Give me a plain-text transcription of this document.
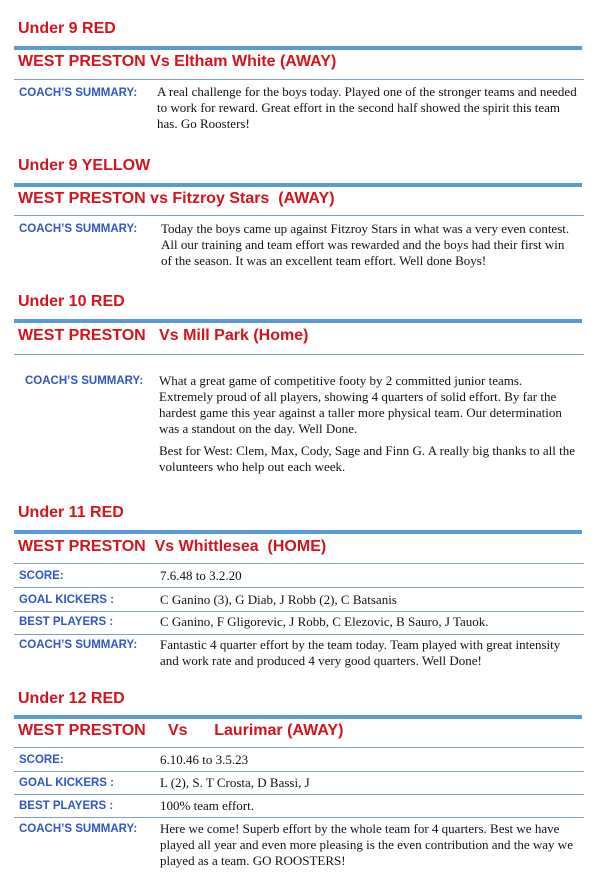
Under 9 RED
WEST PRESTON Vs Eltham White (AWAY)
COACH’S SUMMARY: A real challenge for the boys today. Played one of the stronger teams and needed to work for reward. Great effort in the second half showed the spirit this team has. Go Roosters!
Under 9 YELLOW
WEST PRESTON vs Fitzroy Stars  (AWAY)
COACH’S SUMMARY: Today the boys came up against Fitzroy Stars in what was a very even contest. All our training and team effort was rewarded and the boys had their first win of the season. It was an excellent team effort. Well done Boys!
Under 10 RED
WEST PRESTON   Vs Mill Park (Home)
COACH’S SUMMARY: What a great game of competitive footy by 2 committed junior teams. Extremely proud of all players, showing 4 quarters of solid effort. By far the hardest game this year against a taller more physical team. Our determination was a standout on the day. Well Done.

Best for West: Clem, Max, Cody, Sage and Finn G. A really big thanks to all the volunteers who help out each week.

Under 11 RED
WEST PRESTON  Vs Whittlesea  (HOME)
SCORE:	7.6.48 to 3.2.20
GOAL KICKERS :	C Ganino (3), G Diab, J Robb (2), C Batsanis
BEST PLAYERS :	C Ganino, F Gligorevic, J Robb, C Elezovic, B Sauro, J Tauok.
COACH’S SUMMARY: Fantastic 4 quarter effort by the team today. Team played with great intensity and work rate and produced 4 very good quarters. Well Done!
Under 12 RED
WEST PRESTON     Vs      Laurimar (AWAY)
SCORE:	6.10.46 to 3.5.23
GOAL KICKERS :	L (2), S. T Crosta, D Bassi, J
BEST PLAYERS :	100% team effort.
COACH’S SUMMARY: Here we come! Superb effort by the whole team for 4 quarters. Best we have played all year and even more pleasing is the even contribution and the way we played as a team. GO ROOSTERS!
